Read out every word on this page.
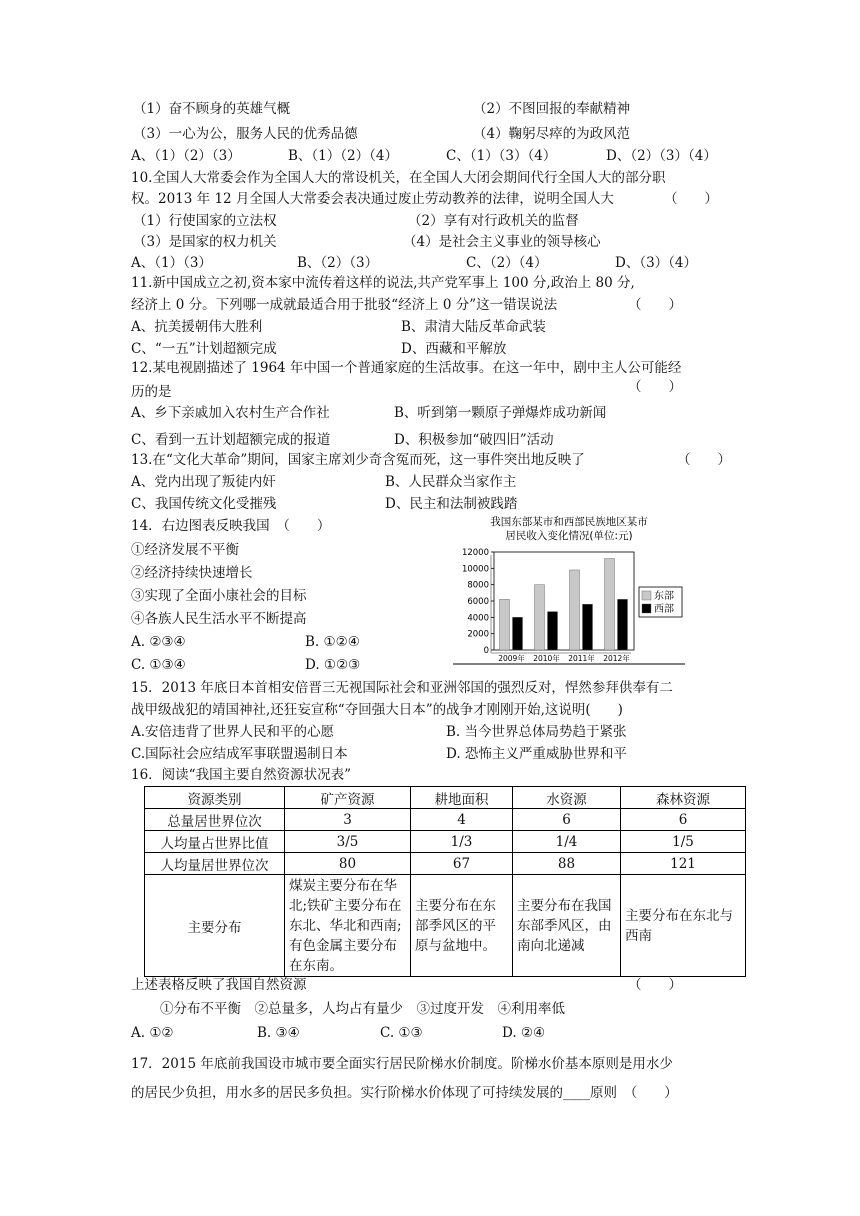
（1）奋不顾身的英雄气概	（2）不图回报的奉献精神
（3）一心为公，服务人民的优秀品德	（4）鞠躬尽瘁的为政风范
A、（1）（2）（3）	B、（1）（2）（4）	C、（1）（3）（4）	D、（2）（3）（4）
10.全国人大常委会作为全国人大的常设机关，在全国人大闭会期间代行全国人大的部分职
权。2013 年 12 月全国人大常委会表决通过废止劳动教养的法律，说明全国人大	（　　）
（1）行使国家的立法权	（2）享有对行政机关的监督
（3）是国家的权力机关	（4）是社会主义事业的领导核心
A、（1）（3）	B、（2）（3）	C、（2）（4）	D、（3）（4）
11.新中国成立之初,资本家中流传着这样的说法,共产党军事上 100 分,政治上 80 分,
经济上 0 分。下列哪一成就最适合用于批驳“经济上 0 分”这一错误说法	（　　）
A、抗美援朝伟大胜利	B、肃清大陆反革命武装
C、“一五”计划超额完成	D、西藏和平解放
12.某电视剧描述了 1964 年中国一个普通家庭的生活故事。在这一年中，剧中主人公可能经
历的是	（　　）
A、乡下亲戚加入农村生产合作社	B、听到第一颗原子弹爆炸成功新闻
C、看到一五计划超额完成的报道	D、积极参加“破四旧”活动
13.在“文化大革命”期间，国家主席刘少奇含冤而死，这一事件突出地反映了	（　　）
A、党内出现了叛徒内奸	B、人民群众当家作主
C、我国传统文化受摧残	D、民主和法制被践踏
14．右边图表反映我国　（　　）
①经济发展不平衡
②经济持续快速增长
③实现了全面小康社会的目标
④各族人民生活水平不断提高
A. ②③④	B. ①②④
C. ①③④	D. ①②③
我国东部某市和西部民族地区某市
居民收入变化情况(单位:元)
2009年 2010年 2011年 2012年
0
2000
4000
6000
8000
10000
12000
东部
西部
15．2013 年底日本首相安倍晋三无视国际社会和亚洲邻国的强烈反对，悍然参拜供奉有二
战甲级战犯的靖国神社,还狂妄宣称“夺回强大日本”的战争才刚刚开始,这说明(　　)
A.安倍违背了世界人民和平的心愿	B. 当今世界总体局势趋于紧张
C.国际社会应结成军事联盟遏制日本	D. 恐怖主义严重威胁世界和平
16．阅读“我国主要自然资源状况表”
资源类别	矿产资源	耕地面积	水资源	森林资源
总量居世界位次	3	4	6	6
人均量占世界比值	3/5	1/3	1/4	1/5
人均量居世界位次	80	67	88	121
主要分布	煤炭主要分布在华北;铁矿主要分布在东北、华北和西南;有色金属主要分布在东南。	主要分布在东部季风区的平原与盆地中。	主要分布在我国东部季风区，由南向北递减	主要分布在东北与西南
上述表格反映了我国自然资源	（　　）
①分布不平衡　②总量多，人均占有量少　③过度开发　④利用率低
A. ①②	B. ③④	C. ①③	D. ②④
17．2015 年底前我国设市城市要全面实行居民阶梯水价制度。阶梯水价基本原则是用水少
的居民少负担，用水多的居民多负担。实行阶梯水价体现了可持续发展的____原则　（　　）
